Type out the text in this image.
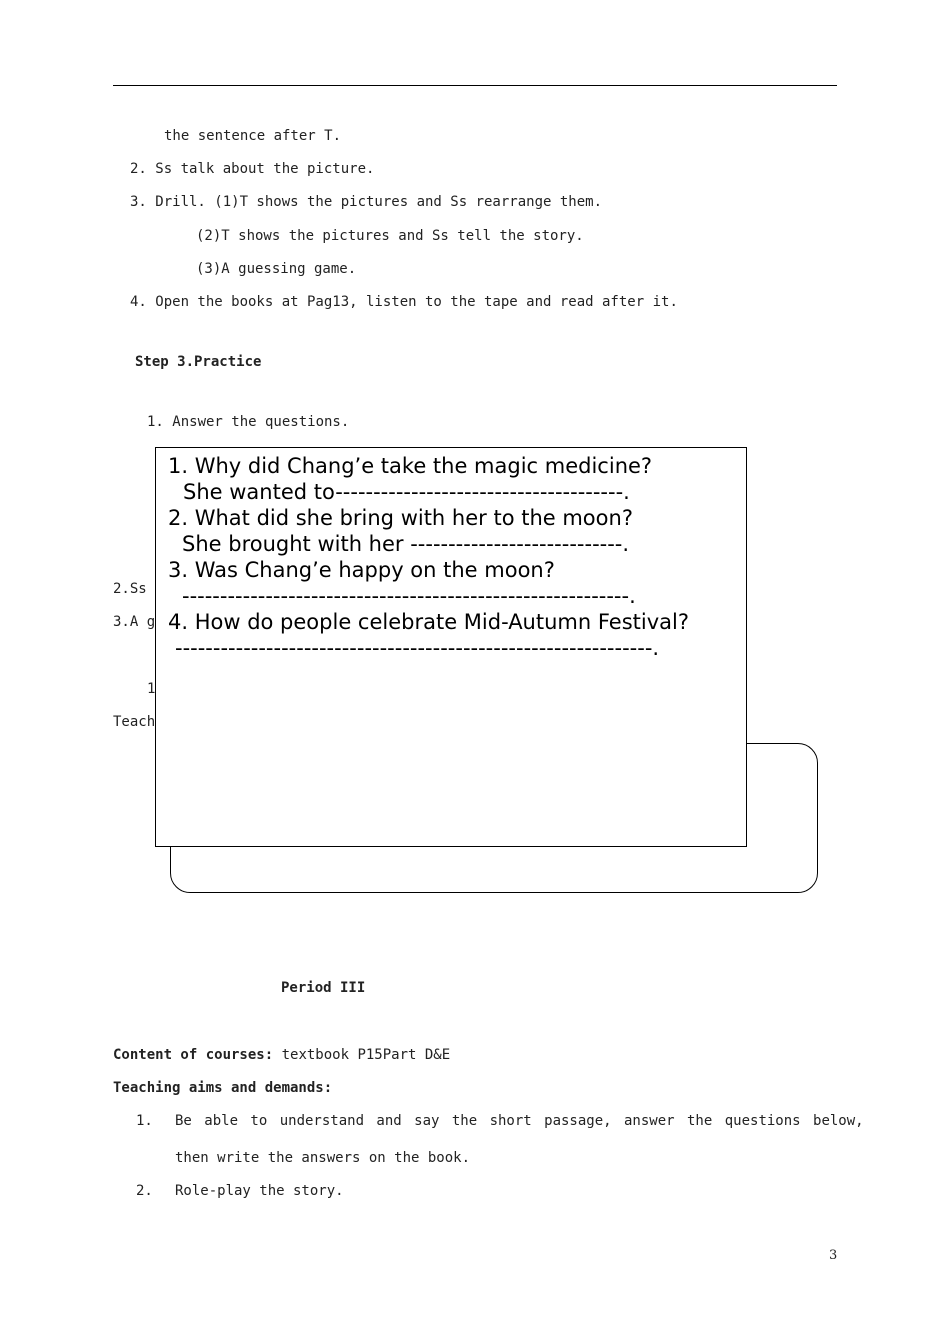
the sentence after T.
2. Ss talk about the picture.
3. Drill. (1)T shows the pictures and Ss rearrange them.
(2)T shows the pictures and Ss tell the story.
(3)A guessing game.
4. Open the books at Pag13, listen to the tape and read after it.
Step 3.Practice
1. Answer the questions.
2.Ss
3.A g
1
Teach
1. Why did Chang’e take the magic medicine?
She wanted to--------------------------------------.
2. What did she bring with her to the moon?
She brought with her ----------------------------.
3. Was Chang’e happy on the moon?
-----------------------------------------------------------.
4. How do people celebrate Mid-Autumn Festival?
---------------------------------------------------------------.
Period III
Content of courses: textbook P15Part D&E
Teaching aims and demands:
1. Be able to understand and say the short passage, answer the questions below,
then write the answers on the book.
2. Role-play the story.
3
